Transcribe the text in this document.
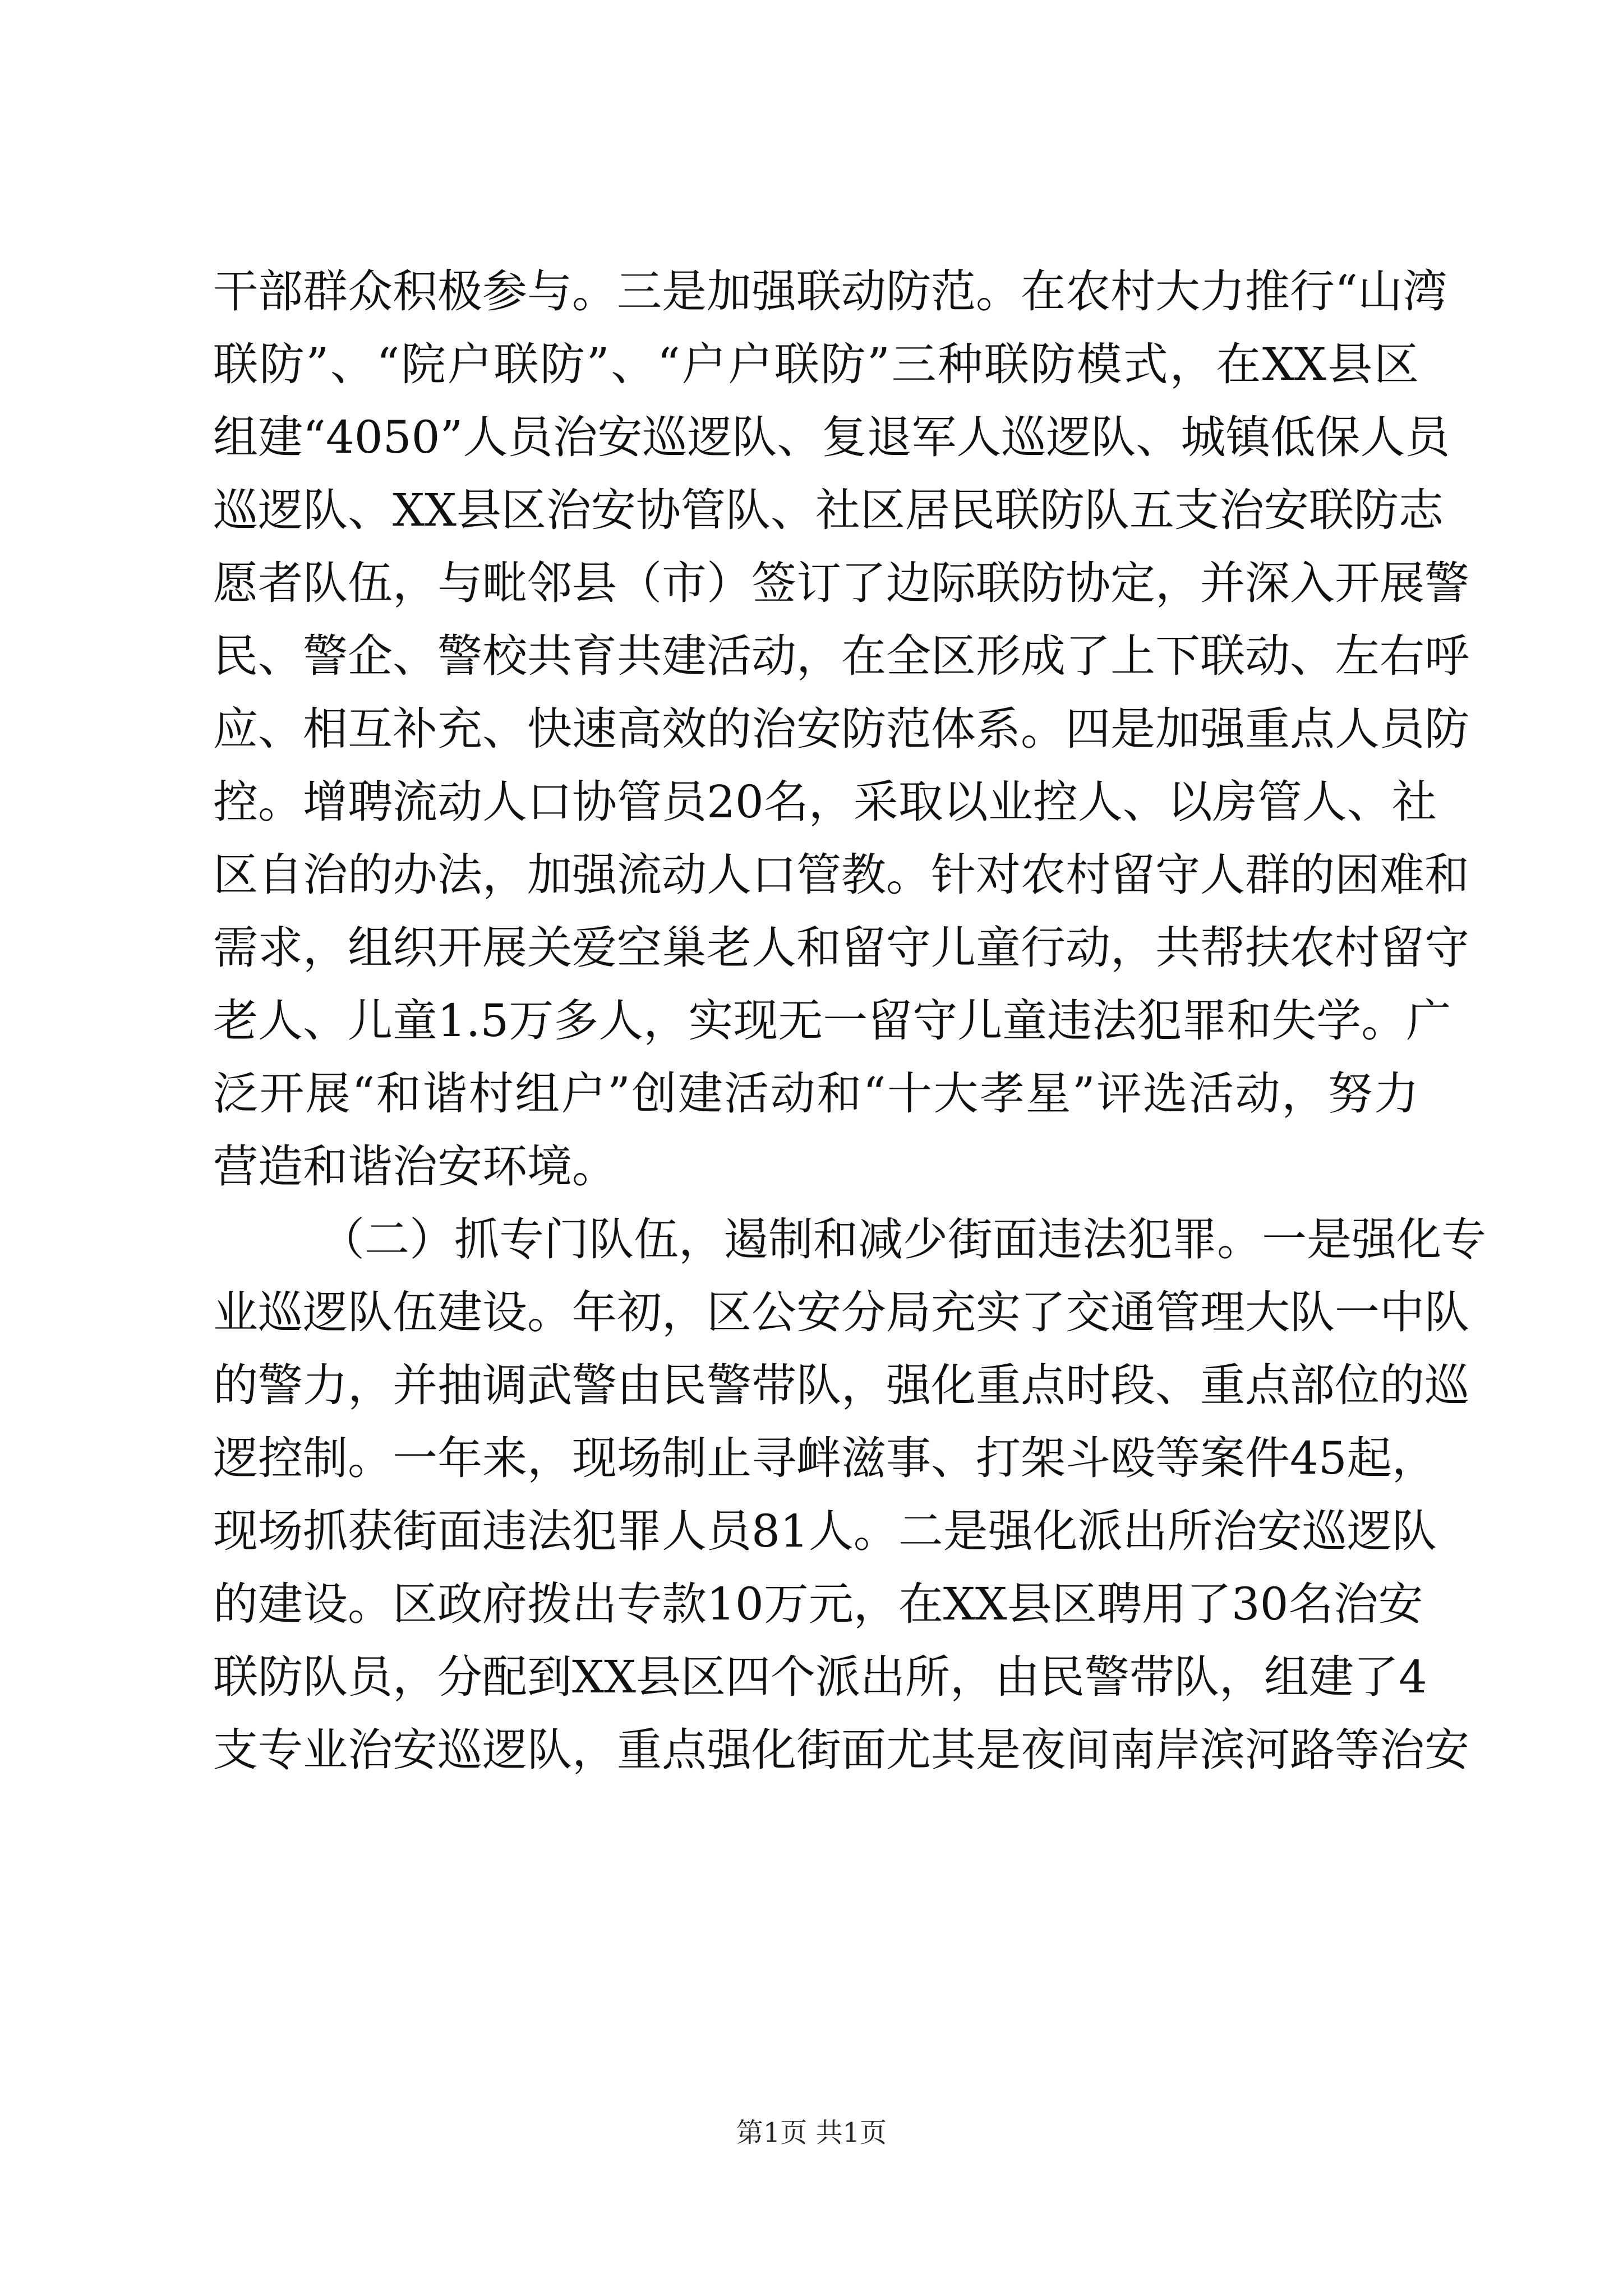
干部群众积极参与。三是加强联动防范。在农村大力推行“山湾
联防”、“院户联防”、“户户联防”三种联防模式，在XX县区
组建“4050”人员治安巡逻队、复退军人巡逻队、城镇低保人员
巡逻队、XX县区治安协管队、社区居民联防队五支治安联防志
愿者队伍，与毗邻县（市）签订了边际联防协定，并深入开展警
民、警企、警校共育共建活动，在全区形成了上下联动、左右呼
应、相互补充、快速高效的治安防范体系。四是加强重点人员防
控。增聘流动人口协管员20名，采取以业控人、以房管人、社
区自治的办法，加强流动人口管教。针对农村留守人群的困难和
需求，组织开展关爱空巢老人和留守儿童行动，共帮扶农村留守
老人、儿童1.5万多人，实现无一留守儿童违法犯罪和失学。广
泛开展“和谐村组户”创建活动和“十大孝星”评选活动，努力
营造和谐治安环境。
（二）抓专门队伍，遏制和减少街面违法犯罪。一是强化专
业巡逻队伍建设。年初，区公安分局充实了交通管理大队一中队
的警力，并抽调武警由民警带队，强化重点时段、重点部位的巡
逻控制。一年来，现场制止寻衅滋事、打架斗殴等案件45起，
现场抓获街面违法犯罪人员81人。二是强化派出所治安巡逻队
的建设。区政府拨出专款10万元，在XX县区聘用了30名治安
联防队员，分配到XX县区四个派出所，由民警带队，组建了4
支专业治安巡逻队，重点强化街面尤其是夜间南岸滨河路等治安
第1页 共1页
